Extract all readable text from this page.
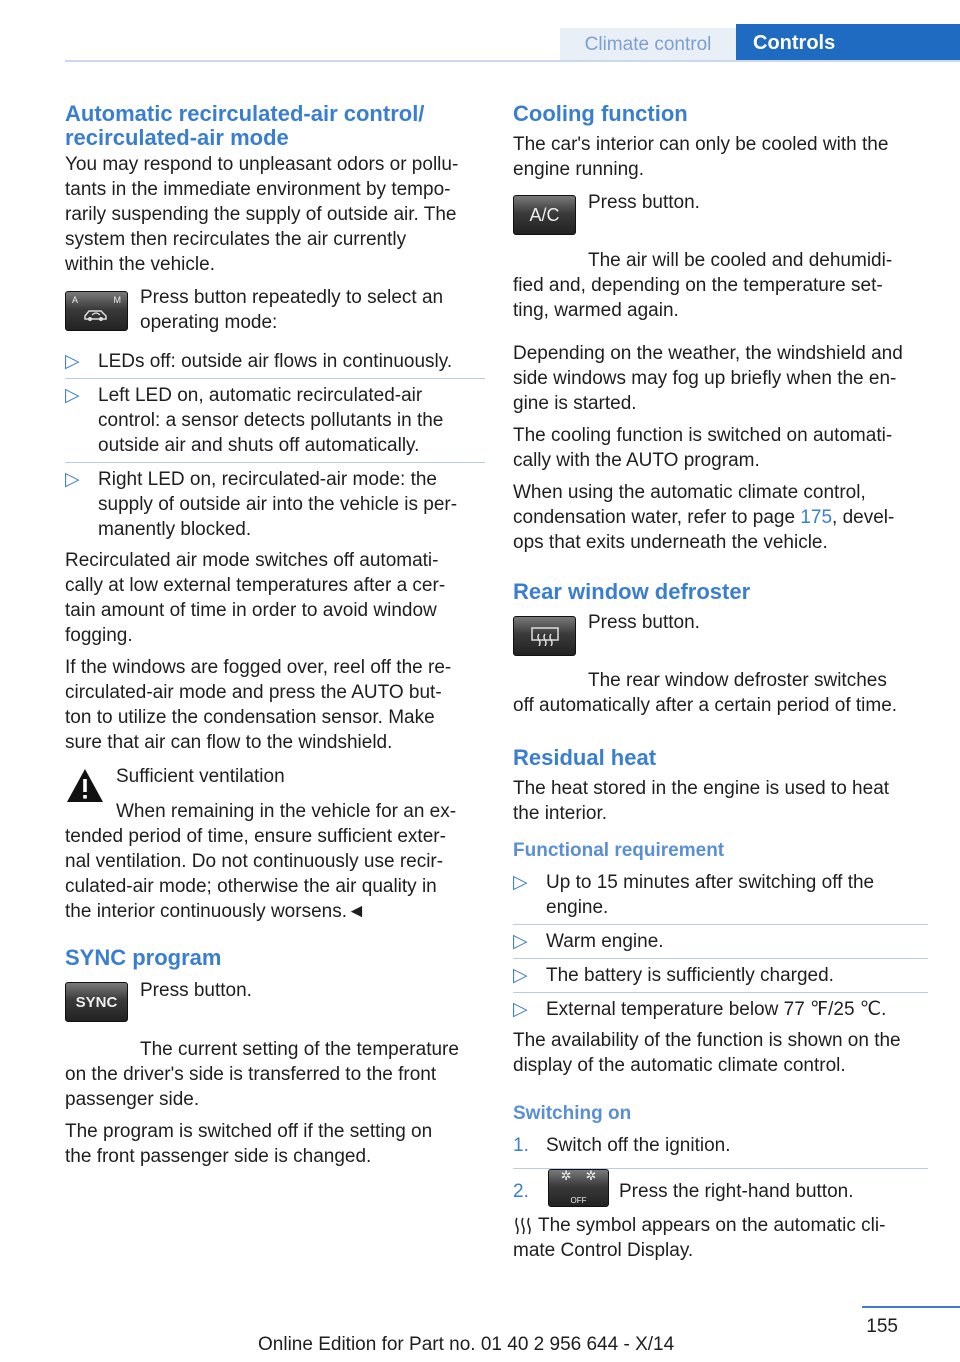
Climate control	Controls
Automatic recirculated-air control/
recirculated-air mode

You may respond to unpleasant odors or pollu-
tants in the immediate environment by tempo-
rarily suspending the supply of outside air. The
system then recirculates the air currently
within the vehicle.

A	M Press button repeatedly to select an
operating mode:

▷ LEDs off: outside air flows in continuously.
▷ Left LED on, automatic recirculated-air
control: a sensor detects pollutants in the
outside air and shuts off automatically.
▷ Right LED on, recirculated-air mode: the
supply of outside air into the vehicle is per-
manently blocked.

Recirculated air mode switches off automati-
cally at low external temperatures after a cer-
tain amount of time in order to avoid window
fogging.

If the windows are fogged over, reel off the re-
circulated-air mode and press the AUTO but-
ton to utilize the condensation sensor. Make
sure that air can flow to the windshield.

Sufficient ventilation

When remaining in the vehicle for an ex-
tended period of time, ensure sufficient exter-
nal ventilation. Do not continuously use recir-
culated-air mode; otherwise the air quality in
the interior continuously worsens.◄

SYNC program
SYNC

Press button.

The current setting of the temperature
on the driver's side is transferred to the front
passenger side.

The program is switched off if the setting on
the front passenger side is changed.

Cooling function

The car's interior can only be cooled with the
engine running.

A/C

Press button.

The air will be cooled and dehumidi-
fied and, depending on the temperature set-
ting, warmed again.

Depending on the weather, the windshield and
side windows may fog up briefly when the en-
gine is started.

The cooling function is switched on automati-
cally with the AUTO program.

When using the automatic climate control,
condensation water, refer to page 175, devel-
ops that exits underneath the vehicle.

Rear window defroster

Press button.

The rear window defroster switches
off automatically after a certain period of time.

Residual heat

The heat stored in the engine is used to heat
the interior.

Functional requirement
▷ Up to 15 minutes after switching off the
engine.
▷ Warm engine.
▷ The battery is sufficiently charged.
▷ External temperature below 77 ℉/25 ℃.

The availability of the function is shown on the
display of the automatic climate control.

Switching on
1. Switch off the ignition.
2.
✲✲
OFF Press the right-hand button.

The symbol appears on the automatic cli-
mate Control Display.

155
Online Edition for Part no. 01 40 2 956 644 - X/14
